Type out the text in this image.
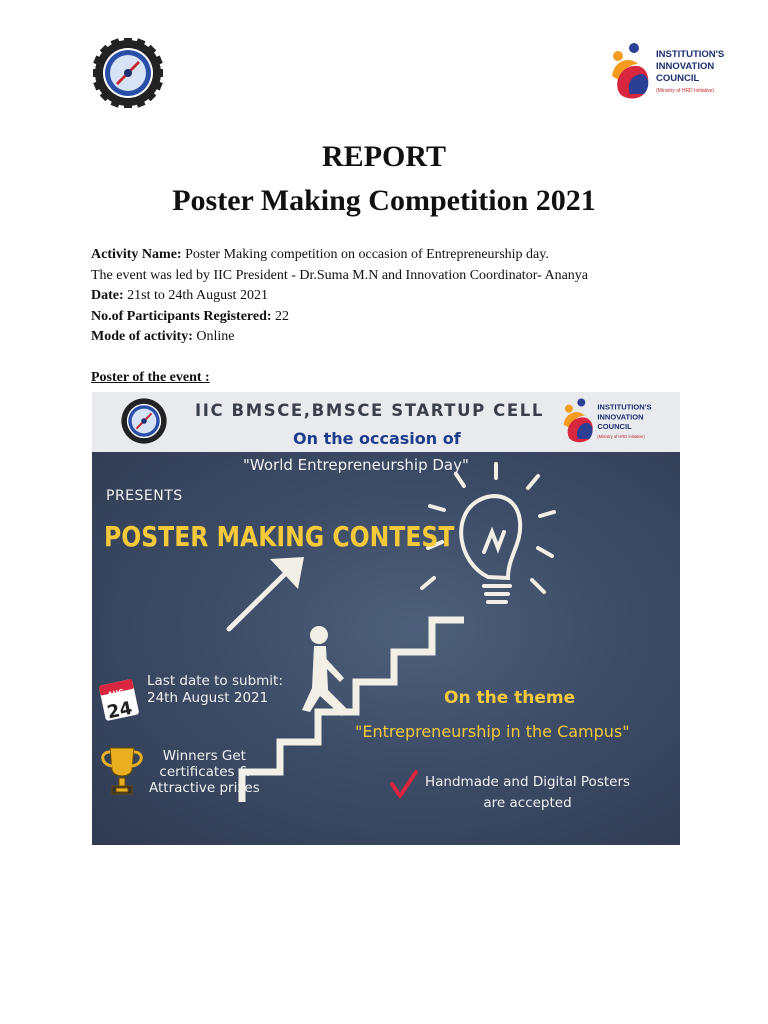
INSTITUTION'S
INNOVATION
COUNCIL
(Ministry of HRD Initiative)
REPORT
Poster Making Competition 2021
Activity Name: Poster Making competition on occasion of Entrepreneurship day.
The event was led by IIC President - Dr.Suma M.N and Innovation Coordinator- Ananya
Date: 21st to 24th August 2021
No.of Participants Registered: 22
Mode of activity: Online
Poster of the event :
INSTITUTION'S
INNOVATION
COUNCIL
(Ministry of HRD Initiative)
AUG
24
IIC BMSCE,BMSCE STARTUP CELL
On the occasion of
"World Entrepreneurship Day"
PRESENTS
POSTER MAKING CONTEST
Last date to submit:
24th August 2021
Winners Get
certificates &
Attractive prizes
On the theme
"Entrepreneurship in the Campus"
Handmade and Digital Posters
are accepted
